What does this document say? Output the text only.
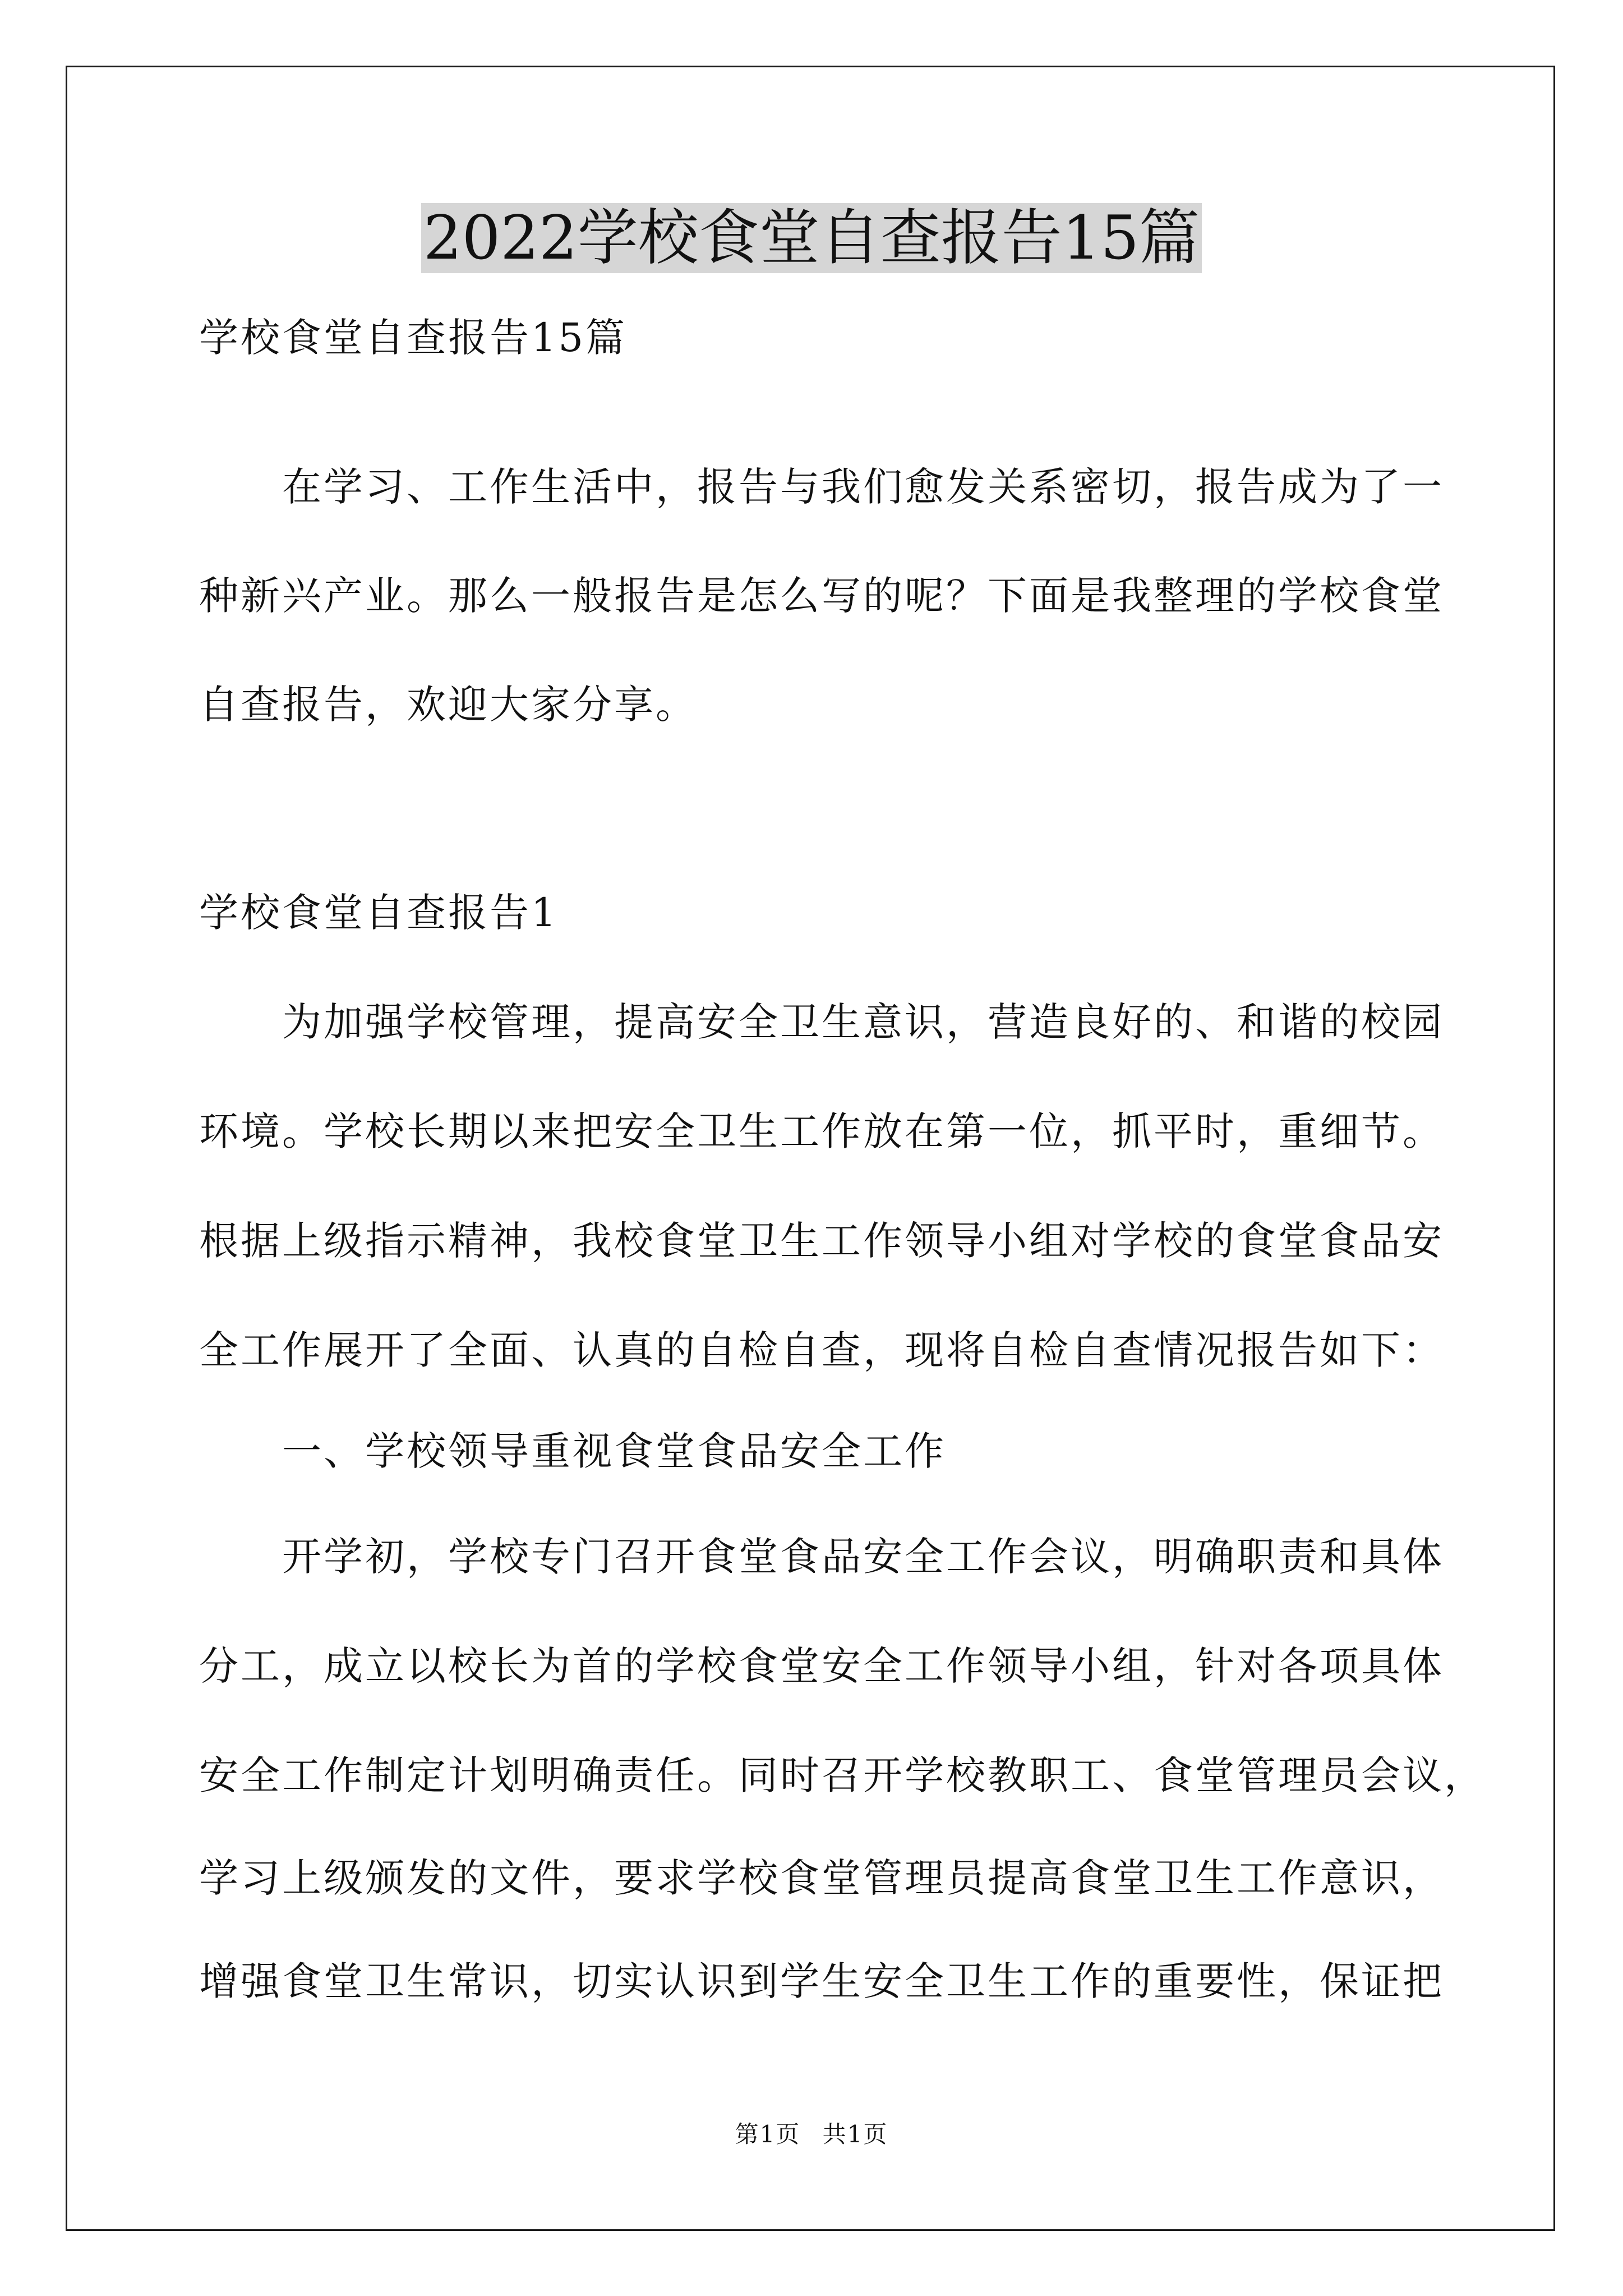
2022学校食堂自查报告15篇

学校食堂自查报告15篇

　　在学习、工作生活中，报告与我们愈发关系密切，报告成为了一

种新兴产业。那么一般报告是怎么写的呢？下面是我整理的学校食堂

自查报告，欢迎大家分享。

学校食堂自查报告1

　　为加强学校管理，提高安全卫生意识，营造良好的、和谐的校园

环境。学校长期以来把安全卫生工作放在第一位，抓平时，重细节。

根据上级指示精神，我校食堂卫生工作领导小组对学校的食堂食品安

全工作展开了全面、认真的自检自查，现将自检自查情况报告如下：

　　一、学校领导重视食堂食品安全工作

　　开学初，学校专门召开食堂食品安全工作会议，明确职责和具体

分工，成立以校长为首的学校食堂安全工作领导小组，针对各项具体

安全工作制定计划明确责任。同时召开学校教职工、食堂管理员会议，

学习上级颁发的文件，要求学校食堂管理员提高食堂卫生工作意识，

增强食堂卫生常识，切实认识到学生安全卫生工作的重要性，保证把

第1页 共1页
